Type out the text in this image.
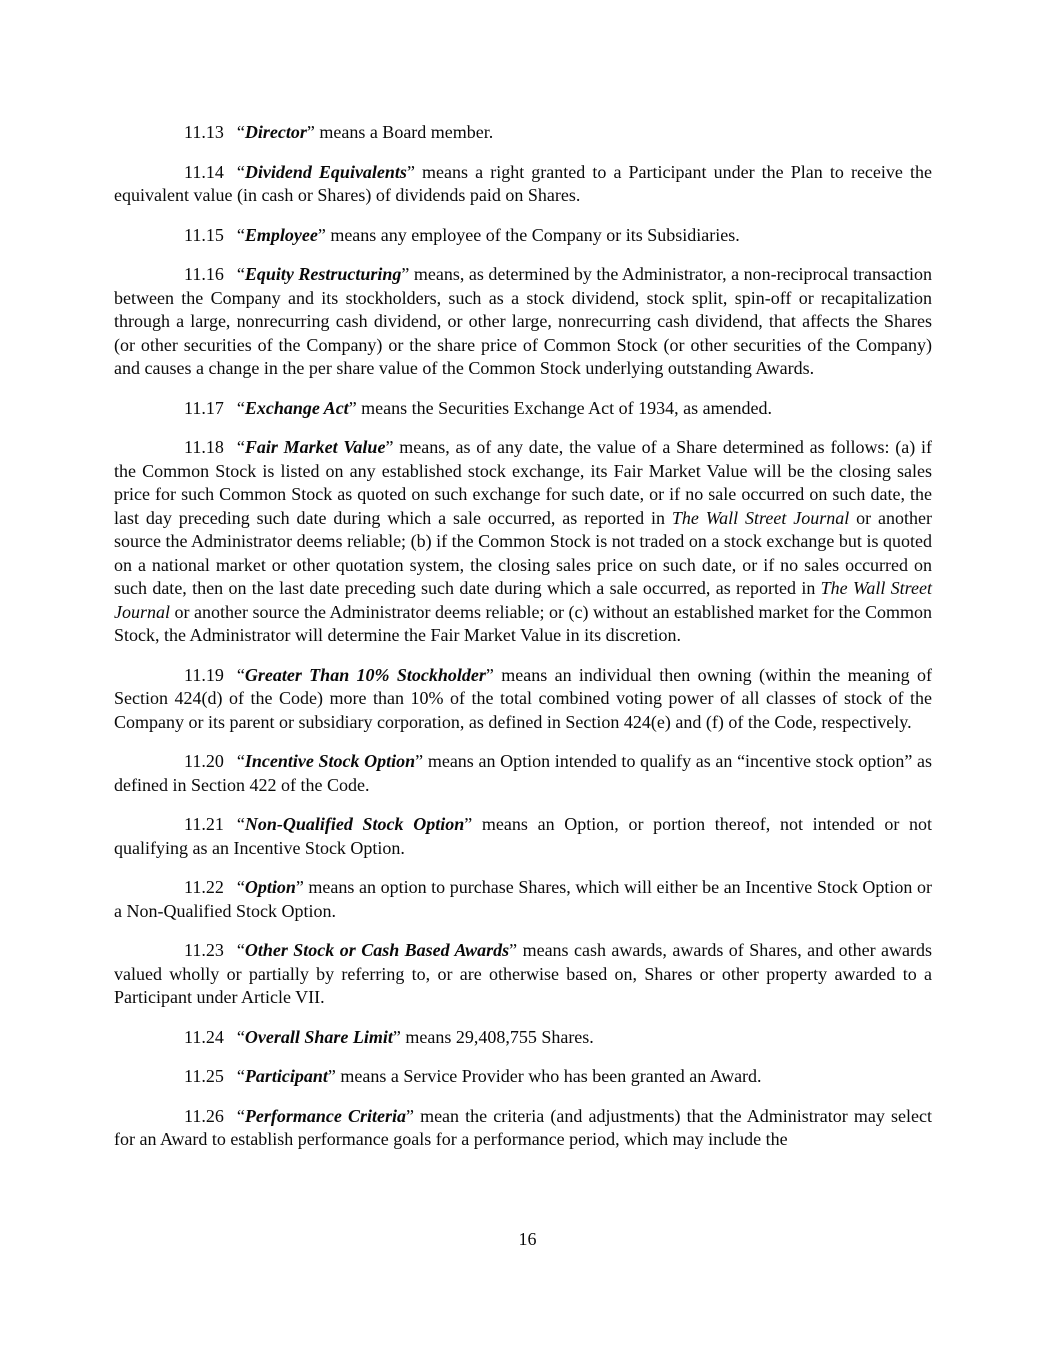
11.13 “Director” means a Board member.

11.14 “Dividend Equivalents” means a right granted to a Participant under the Plan to receive the equivalent value (in cash or Shares) of dividends paid on Shares.

11.15 “Employee” means any employee of the Company or its Subsidiaries.

11.16 “Equity Restructuring” means, as determined by the Administrator, a non-reciprocal transaction between the Company and its stockholders, such as a stock dividend, stock split, spin-off or recapitalization through a large, nonrecurring cash dividend, or other large, nonrecurring cash dividend, that affects the Shares (or other securities of the Company) or the share price of Common Stock (or other securities of the Company) and causes a change in the per share value of the Common Stock underlying outstanding Awards.

11.17 “Exchange Act” means the Securities Exchange Act of 1934, as amended.

11.18 “Fair Market Value” means, as of any date, the value of a Share determined as follows: (a) if the Common Stock is listed on any established stock exchange, its Fair Market Value will be the closing sales price for such Common Stock as quoted on such exchange for such date, or if no sale occurred on such date, the last day preceding such date during which a sale occurred, as reported in The Wall Street Journal or another source the Administrator deems reliable; (b) if the Common Stock is not traded on a stock exchange but is quoted on a national market or other quotation system, the closing sales price on such date, or if no sales occurred on such date, then on the last date preceding such date during which a sale occurred, as reported in The Wall Street Journal or another source the Administrator deems reliable; or (c) without an established market for the Common Stock, the Administrator will determine the Fair Market Value in its discretion.

11.19 “Greater Than 10% Stockholder” means an individual then owning (within the meaning of Section 424(d) of the Code) more than 10% of the total combined voting power of all classes of stock of the Company or its parent or subsidiary corporation, as defined in Section 424(e) and (f) of the Code, respectively.

11.20 “Incentive Stock Option” means an Option intended to qualify as an “incentive stock option” as defined in Section 422 of the Code.

11.21 “Non-Qualified Stock Option” means an Option, or portion thereof, not intended or not qualifying as an Incentive Stock Option.

11.22 “Option” means an option to purchase Shares, which will either be an Incentive Stock Option or a Non-Qualified Stock Option.

11.23 “Other Stock or Cash Based Awards” means cash awards, awards of Shares, and other awards valued wholly or partially by referring to, or are otherwise based on, Shares or other property awarded to a Participant under Article VII.

11.24 “Overall Share Limit” means 29,408,755 Shares.

11.25 “Participant” means a Service Provider who has been granted an Award.

11.26 “Performance Criteria” mean the criteria (and adjustments) that the Administrator may select for an Award to establish performance goals for a performance period, which may include the

16
